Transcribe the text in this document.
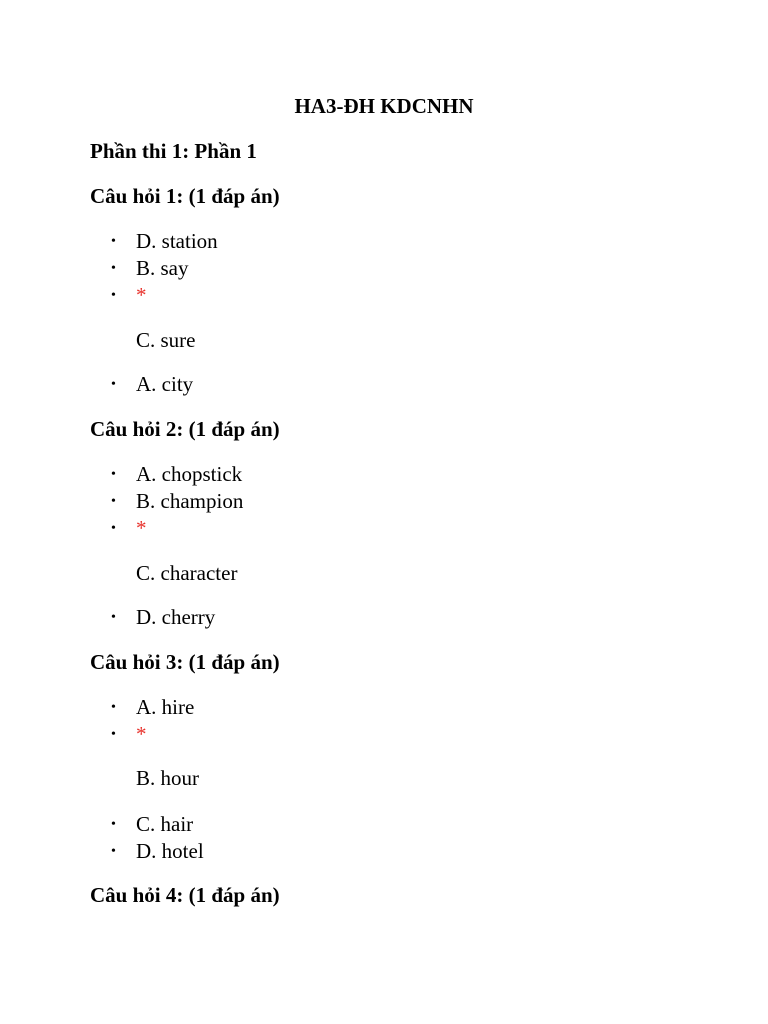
HA3-ĐH KDCNHN
Phần thi 1: Phần 1
Câu hỏi 1: (1 đáp án)
• D. station
• B. say
• *
C. sure
• A. city
Câu hỏi 2: (1 đáp án)
• A. chopstick
• B. champion
• *
C. character
• D. cherry
Câu hỏi 3: (1 đáp án)
• A. hire
• *
B. hour
• C. hair
• D. hotel
Câu hỏi 4: (1 đáp án)
